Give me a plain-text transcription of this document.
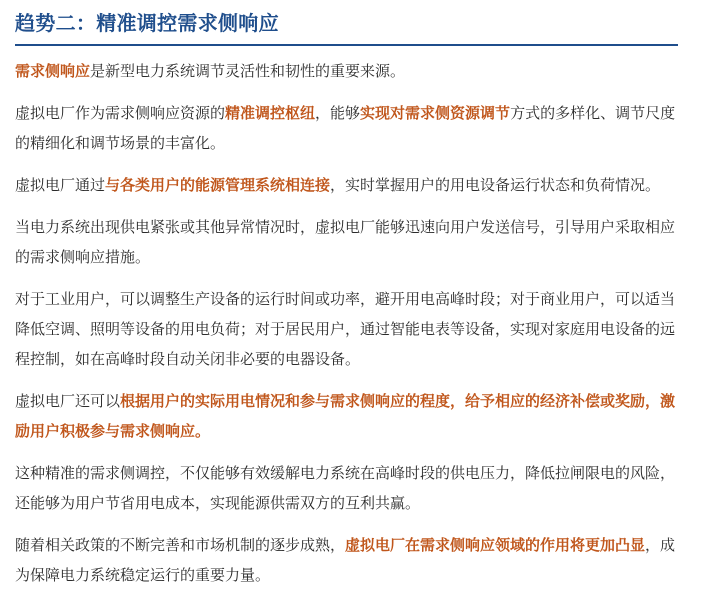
趋势二：精准调控需求侧响应

需求侧响应是新型电力系统调节灵活性和韧性的重要来源。

虚拟电厂作为需求侧响应资源的精准调控枢纽，能够实现对需求侧资源调节方式的多样化、调节尺度的精细化和调节场景的丰富化。

虚拟电厂通过与各类用户的能源管理系统相连接，实时掌握用户的用电设备运行状态和负荷情况。

当电力系统出现供电紧张或其他异常情况时，虚拟电厂能够迅速向用户发送信号，引导用户采取相应的需求侧响应措施。

对于工业用户，可以调整生产设备的运行时间或功率，避开用电高峰时段；对于商业用户，可以适当降低空调、照明等设备的用电负荷；对于居民用户，通过智能电表等设备，实现对家庭用电设备的远程控制，如在高峰时段自动关闭非必要的电器设备。

虚拟电厂还可以根据用户的实际用电情况和参与需求侧响应的程度，给予相应的经济补偿或奖励，激励用户积极参与需求侧响应。

这种精准的需求侧调控，不仅能够有效缓解电力系统在高峰时段的供电压力，降低拉闸限电的风险，还能够为用户节省用电成本，实现能源供需双方的互利共赢。

随着相关政策的不断完善和市场机制的逐步成熟，虚拟电厂在需求侧响应领域的作用将更加凸显，成为保障电力系统稳定运行的重要力量。
